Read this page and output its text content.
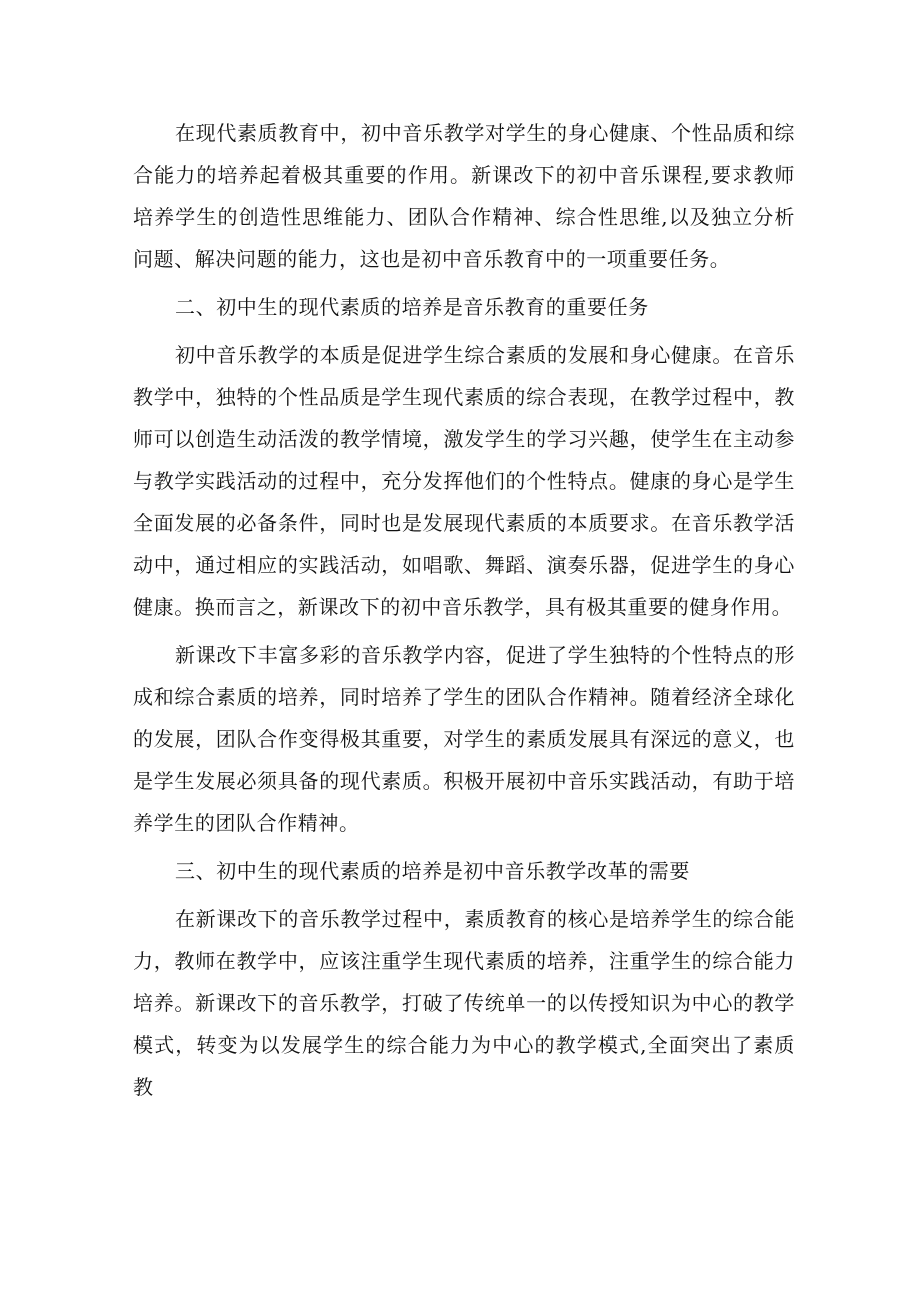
在现代素质教育中，初中音乐教学对学生的身心健康、个性品质和综合能力的培养起着极其重要的作用。新课改下的初中音乐课程,要求教师培养学生的创造性思维能力、团队合作精神、综合性思维,以及独立分析问题、解决问题的能力，这也是初中音乐教育中的一项重要任务。

二、初中生的现代素质的培养是音乐教育的重要任务

初中音乐教学的本质是促进学生综合素质的发展和身心健康。在音乐教学中，独特的个性品质是学生现代素质的综合表现，在教学过程中，教师可以创造生动活泼的教学情境，激发学生的学习兴趣，使学生在主动参与教学实践活动的过程中，充分发挥他们的个性特点。健康的身心是学生全面发展的必备条件，同时也是发展现代素质的本质要求。在音乐教学活动中，通过相应的实践活动，如唱歌、舞蹈、演奏乐器，促进学生的身心健康。换而言之，新课改下的初中音乐教学，具有极其重要的健身作用。

新课改下丰富多彩的音乐教学内容，促进了学生独特的个性特点的形成和综合素质的培养，同时培养了学生的团队合作精神。随着经济全球化的发展，团队合作变得极其重要，对学生的素质发展具有深远的意义，也是学生发展必须具备的现代素质。积极开展初中音乐实践活动，有助于培养学生的团队合作精神。

三、初中生的现代素质的培养是初中音乐教学改革的需要

在新课改下的音乐教学过程中，素质教育的核心是培养学生的综合能力，教师在教学中，应该注重学生现代素质的培养，注重学生的综合能力培养。新课改下的音乐教学，打破了传统单一的以传授知识为中心的教学模式，转变为以发展学生的综合能力为中心的教学模式,全面突出了素质教
